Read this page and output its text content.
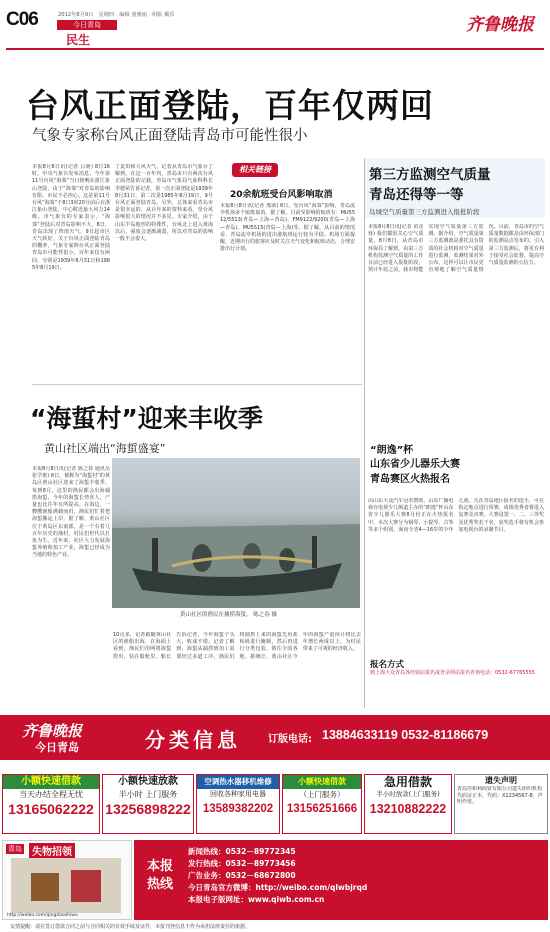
C06	2012年8月9日　星期四　编辑 童雅丽　组版 戴乐
今日青岛
民生
齐鲁晚报
台风正面登陆，百年仅两回
气象专家称台风正面登陆青岛市可能性很小
本报8月8日讯(记者 吕萌) 8日16时，中央气象台发布消息，今年第11号台风“海葵”当日傍晚在浙江象山登陆，由于“海葵”对青岛的影响有限，市民不必担心。这是第11号台风“海葵”于8日3时20分前后在浙江象山登陆，中心附近最大风力14级。市气象台的专家表示，“海葵”登陆后对青岛影响不大，8日，青岛出现了阵雨天气，9日起市区天气转好。关于台风正面登陆青岛的概率，气象专家称台风正面登陆青岛市可能性很小，百年来仅有两回，分别是1939年8月31日和1985年8月19日。
了麦田和大风天气。记者从青岛市气象台了解到，在这一百年内，青岛市只有两次台风正面登陆的记载，青岛市气象局气象科科长李德荣告诉记者，第一次正面登陆是1939年8月31日，第二次是1985年8月19日，9号台风正面登陆青岛。另外，总体来看青岛市是很幸运的。从百年来的资料来看，受台风影响很大的情况并不多见。专家介绍，由于山东半岛地形的特殊性，台风北上进入黄海以后，强度会逐渐减弱，所以对青岛的影响一般不会很大。
相关链接
20余航班受台风影响取消
本报8月8日讯(记者 邢梁) 8日，受台风“海葵”影响，青岛流亭机场多个航班取消。据了解，目前受影响的航班有：MU5512/5513(青岛—上海—青岛)、FM9122/9200(青岛—上海—青岛)、MU5515(青岛—上海)等。据了解，从目前的情况看，青岛流亭机场的进出港航班运行较为平稳。机场方面提醒，近期出行的旅客应及时关注天气变化和航班动态，合理安排出行计划。
第三方监测空气质量
青岛还得等一等
岛城空气质量第三方监测进入报批阶段
本报8月8日讯(记者 苗彦蓉) 我们都很关心空气质量。8月8日，从青岛市环保局了解到，由第三方机构监测空气质量的工作目前已经进入报批阶段，预计年底之前，我市将能实现空气质量第三方监测。据介绍，空气质量第三方监测就是委托具有资质的社会机构对空气质量进行监测，监测结果对外公布，这样可以让市民更直观地了解空气质量情况。目前，青岛市的空气质量数据都是由环保部门的监测站点发布的。引入第三方监测后，将更有利于接受社会监督，提高空气质量监测的公信力。
“海蜇村”迎来丰收季
黄山社区端出“海蜇盛宴”
本报8月8日讯(记者 陈之春 通讯员 张学惠) 8日，被称为“海蜇村”的黄岛区黄山社区迎来了海蜇丰收季。每到8月，这里的渔民都会出海捕捞海蜇，今年的海蜇长势喜人，产量也比往年有所提高。在海边，一艘艘渔船满载而归，渔民们忙着把海蜇搬运上岸。据了解，黄山社区位于黄岛区东南部，是一个有着几百年历史的渔村，村民们世代以打鱼为生。近年来，社区大力发展海蜇养殖和加工产业，海蜇已经成为当地的特色产业。
黄山社区的渔民在捕捞海蜇。 陈之春 摄
10点多，记者跟随黄山社区的渔船出海，在海面上看到，渔民们用网将海蜇捞出，装在船舱里。船长告诉记者，今年海蜇个头大，收成不错。记者了解到，海蜇从捕捞到加工需要经过多道工序，渔民们将捕捞上来的海蜇先用盐和矾进行腌制，然后再进行分类包装，销往全国各地。据统计，黄山社区今年的海蜇产量预计将比去年增长两成以上，为村民带来了可观的经济收入。
“朗逸”杯
山东省少儿器乐大赛
青岛赛区火热报名
由山东大众汽车冠名赞助，山东广播电视台电视少儿频道主办的“朗逸”杯山东省少儿器乐大赛8月份正在火热报名中。本次大赛分为钢琴、小提琴、古筝等多个组别，面向全省4—16岁的少年儿童。凡在青岛地区报名的选手，可在指定地点进行预赛，成绩优秀者将进入复赛及决赛。大赛设置一、二、三等奖及优秀奖若干名，获奖选手将有机会参加电视台的录制节目。
报名方式
到上海大众青岛各经销店报名或登录网站报名咨询电话：0532-67765555
齐鲁晚报
今日青岛	分类信息	订版电话: 13884633119 0532-81186679
小额快速借款
当天办结全程无忧
13165062222
小额快速放款
半小时 上门服务
13256898222
空调热水器移机维修
回收各种家用电器
13589382202
小额快速借款
（上门服务）
13156251666
急用借款
半小时放款(上门服务)
13210882222
遗失声明
青岛佳和利商贸有限公司遗失组织机构代码证正本，代码：X1234567-8，声明作废。
青岛	失物招领
http://weibo.com/qingdaoshiwu
本报
热线
新闻热线：0532－89772345
发行热线：0532－89773456
广告业务：0532－68672800
今日青岛官方微博：http://weibo.com/qlwbjrqd
本报电子版网址：www.qiwb.com.cn
友情提醒：请在签订借款合同之前与合同相关的有效手续及证件，本报刊登信息不作为承担法律责任的依据。
